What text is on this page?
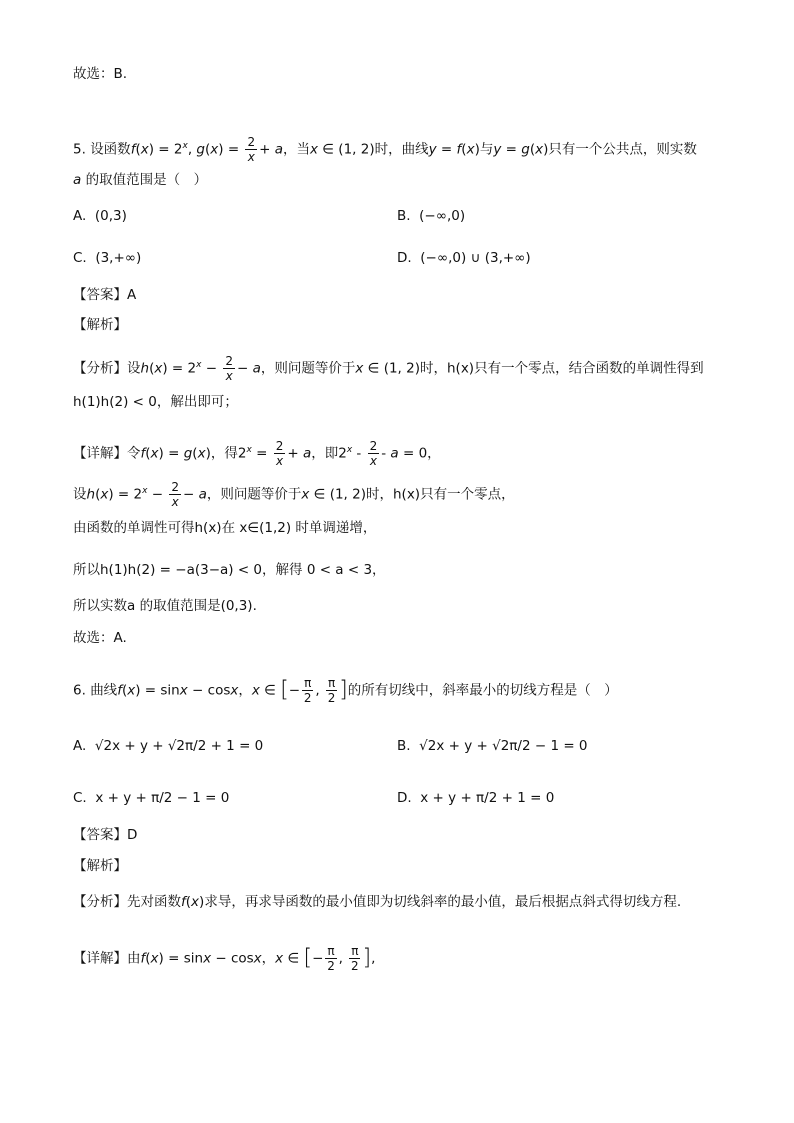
故选：B.
5. 设函数$f(x) = 2^x$, $g(x) = \frac{2}{x} + a$，当x ∈ (1, 2)时，曲线y = f(x)与y = g(x)只有一个公共点，则实数
a 的取值范围是（　）
A.  (0,3)	B.  (−∞,0)
C.  (3,+∞)	D.  (−∞,0) ∪ (3,+∞)
【答案】A
【解析】
【分析】设$h(x) = 2^x - \frac{2}{x} - a$，则问题等价于x ∈ (1, 2)时，h(x)只有一个零点，结合函数的单调性得到
h(1)h(2) < 0，解出即可；
【详解】令f(x) = g(x)，得$2^x = \frac{2}{x} + a$，即$2^x - \frac{2}{x} - a = 0$，
设$h(x) = 2^x - \frac{2}{x} - a$，则问题等价于x ∈ (1, 2)时，h(x)只有一个零点，
由函数的单调性可得h(x)在 x∈(1,2) 时单调递增，
所以h(1)h(2) = −a(3−a) < 0，解得 0 < a < 3，
所以实数a 的取值范围是(0,3).
故选：A.
6. 曲线f(x) = sinx − cosx，x ∈ [− $\frac{\pi}{2}$ , $\frac{\pi}{2}$ ]的所有切线中，斜率最小的切线方程是（　）
A.  √2x + y + √2π/2 + 1 = 0	B.  √2x + y + √2π/2 − 1 = 0
C.  x + y + π/2 − 1 = 0	D.  x + y + π/2 + 1 = 0
【答案】D
【解析】
【分析】先对函数f(x)求导，再求导函数的最小值即为切线斜率的最小值，最后根据点斜式得切线方程.
【详解】由f(x) = sinx − cosx，x ∈ [− $\frac{\pi}{2}$ , $\frac{\pi}{2}$ ],
